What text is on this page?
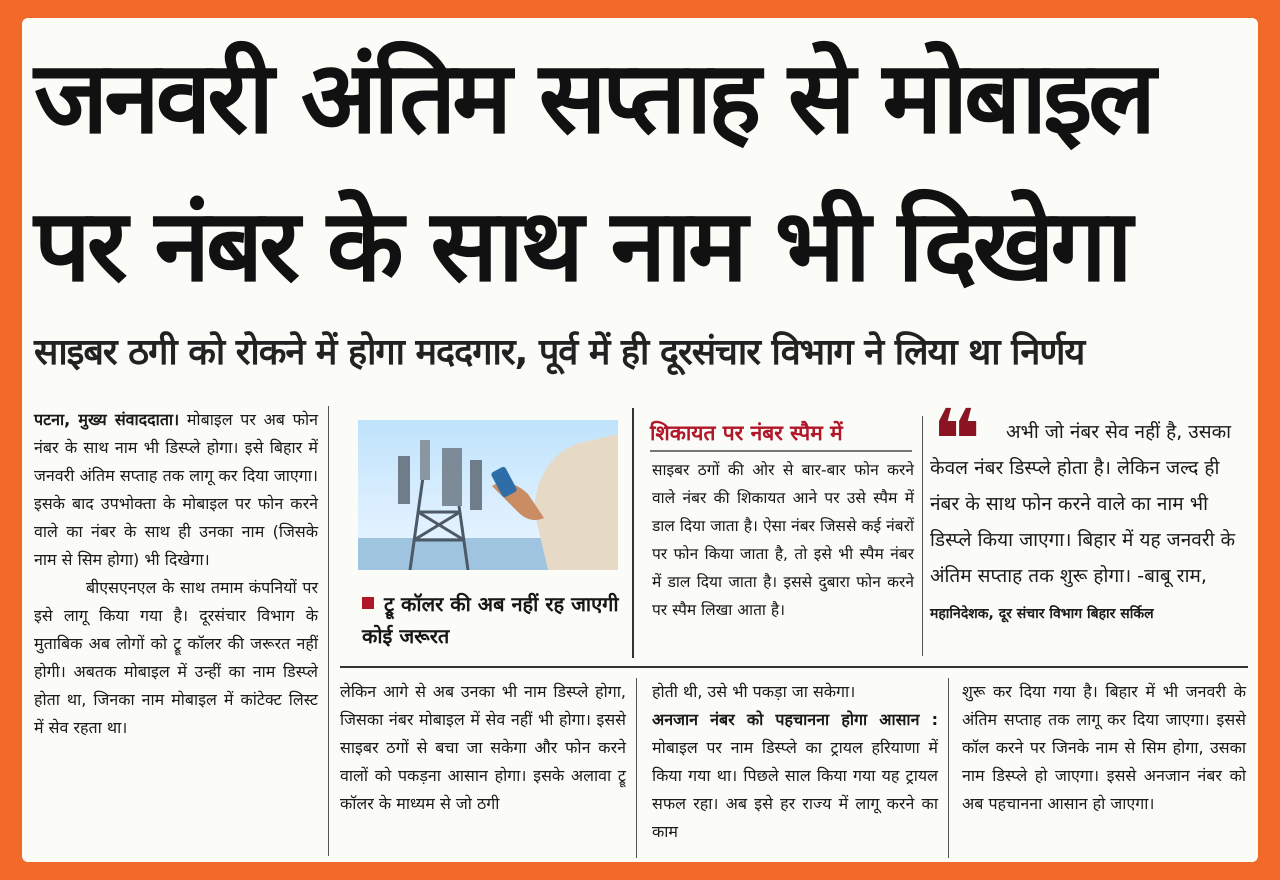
जनवरी अंतिम सप्ताह से मोबाइल
पर नंबर के साथ नाम भी दिखेगा
साइबर ठगी को रोकने में होगा मददगार, पूर्व में ही दूरसंचार विभाग ने लिया था निर्णय

पटना, मुख्य संवाददाता। मोबाइल पर अब फोन नंबर के साथ नाम भी डिस्प्ले होगा। इसे बिहार में जनवरी अंतिम सप्ताह तक लागू कर दिया जाएगा। इसके बाद उपभोक्ता के मोबाइल पर फोन करने वाले का नंबर के साथ ही उनका नाम (जिसके नाम से सिम होगा) भी दिखेगा।

बीएसएनएल के साथ तमाम कंपनियों पर इसे लागू किया गया है। दूरसंचार विभाग के मुताबिक अब लोगों को ट्रू कॉलर की जरूरत नहीं होगी। अबतक मोबाइल में उन्हीं का नाम डिस्प्ले होता था, जिनका नाम मोबाइल में कांटेक्ट लिस्ट में सेव रहता था।

ट्रू कॉलर की अब नहीं रह जाएगी कोई जरूरत
शिकायत पर नंबर स्पैम में
साइबर ठगों की ओर से बार-बार फोन करने वाले नंबर की शिकायत आने पर उसे स्पैम में डाल दिया जाता है। ऐसा नंबर जिससे कई नंबरों पर फोन किया जाता है, तो इसे भी स्पैम नंबर में डाल दिया जाता है। इससे दुबारा फोन करने पर स्पैम लिखा आता है।
❝	अभी जो नंबर सेव नहीं है, उसका केवल नंबर डिस्प्ले होता है। लेकिन जल्द ही नंबर के साथ फोन करने वाले का नाम भी डिस्प्ले किया जाएगा। बिहार में यह जनवरी के अंतिम सप्ताह तक शुरू होगा। -बाबू राम, महानिदेशक, दूर संचार विभाग बिहार सर्किल

लेकिन आगे से अब उनका भी नाम डिस्प्ले होगा, जिसका नंबर मोबाइल में सेव नहीं भी होगा। इससे साइबर ठगों से बचा जा सकेगा और फोन करने वालों को पकड़ना आसान होगा। इसके अलावा ट्रू कॉलर के माध्यम से जो ठगी

होती थी, उसे भी पकड़ा जा सकेगा।

अनजान नंबर को पहचानना होगा आसान : मोबाइल पर नाम डिस्प्ले का ट्रायल हरियाणा में किया गया था। पिछले साल किया गया यह ट्रायल सफल रहा। अब इसे हर राज्य में लागू करने का काम

शुरू कर दिया गया है। बिहार में भी जनवरी के अंतिम सप्ताह तक लागू कर दिया जाएगा। इससे कॉल करने पर जिनके नाम से सिम होगा, उसका नाम डिस्प्ले हो जाएगा। इससे अनजान नंबर को अब पहचानना आसान हो जाएगा।
